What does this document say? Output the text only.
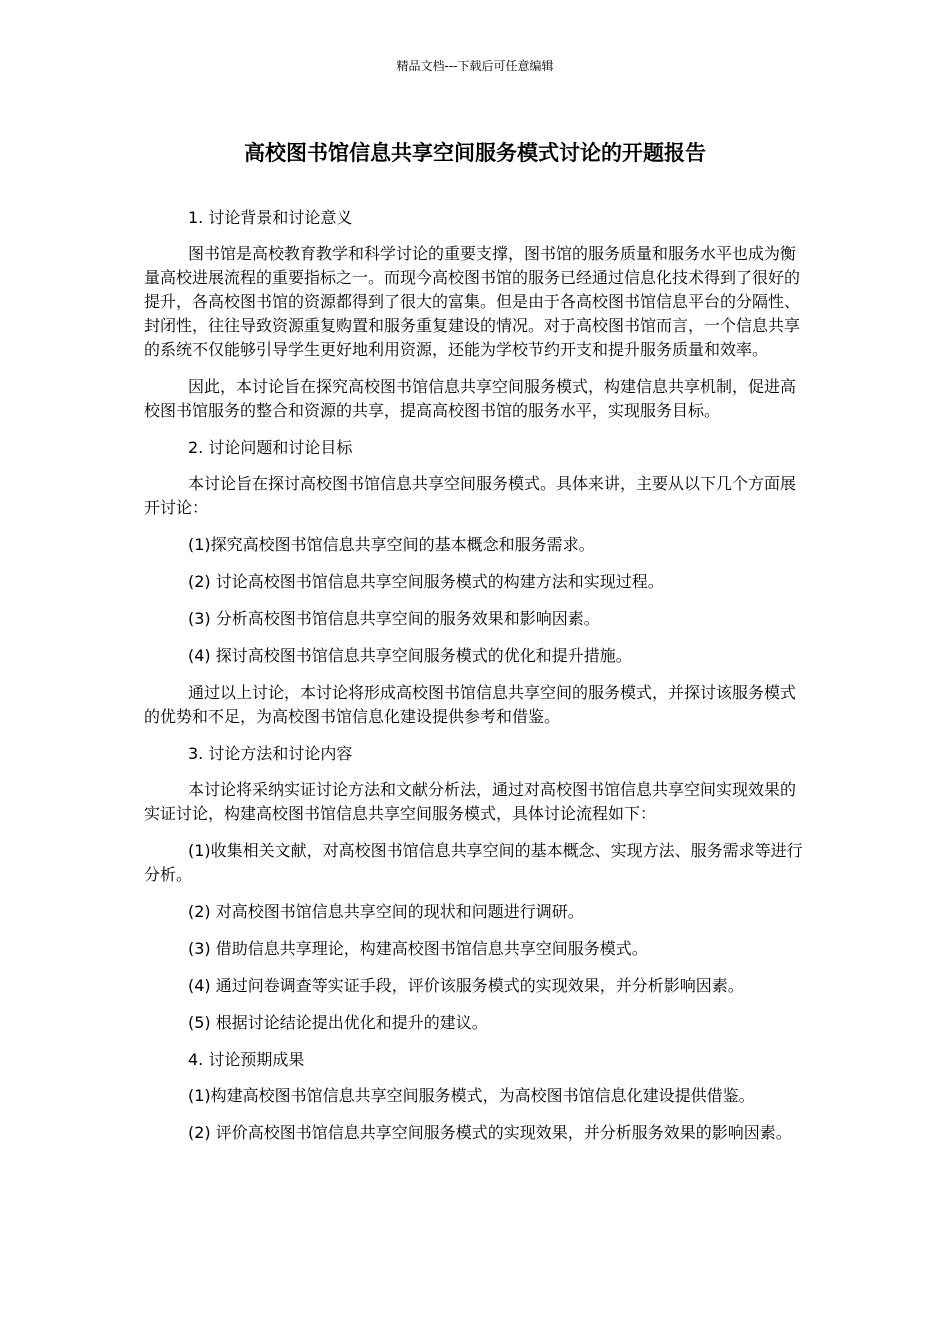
精品文档---下载后可任意编辑
高校图书馆信息共享空间服务模式讨论的开题报告

1. 讨论背景和讨论意义

图书馆是高校教育教学和科学讨论的重要支撑，图书馆的服务质量和服务水平也成为衡量高校进展流程的重要指标之一。而现今高校图书馆的服务已经通过信息化技术得到了很好的提升，各高校图书馆的资源都得到了很大的富集。但是由于各高校图书馆信息平台的分隔性、封闭性，往往导致资源重复购置和服务重复建设的情况。对于高校图书馆而言，一个信息共享的系统不仅能够引导学生更好地利用资源，还能为学校节约开支和提升服务质量和效率。

因此，本讨论旨在探究高校图书馆信息共享空间服务模式，构建信息共享机制，促进高校图书馆服务的整合和资源的共享，提高高校图书馆的服务水平，实现服务目标。

2. 讨论问题和讨论目标

本讨论旨在探讨高校图书馆信息共享空间服务模式。具体来讲，主要从以下几个方面展开讨论：

(1)探究高校图书馆信息共享空间的基本概念和服务需求。

(2) 讨论高校图书馆信息共享空间服务模式的构建方法和实现过程。

(3) 分析高校图书馆信息共享空间的服务效果和影响因素。

(4) 探讨高校图书馆信息共享空间服务模式的优化和提升措施。

通过以上讨论，本讨论将形成高校图书馆信息共享空间的服务模式，并探讨该服务模式的优势和不足，为高校图书馆信息化建设提供参考和借鉴。

3. 讨论方法和讨论内容

本讨论将采纳实证讨论方法和文献分析法，通过对高校图书馆信息共享空间实现效果的实证讨论，构建高校图书馆信息共享空间服务模式，具体讨论流程如下：

(1)收集相关文献，对高校图书馆信息共享空间的基本概念、实现方法、服务需求等进行分析。

(2) 对高校图书馆信息共享空间的现状和问题进行调研。

(3) 借助信息共享理论，构建高校图书馆信息共享空间服务模式。

(4) 通过问卷调查等实证手段，评价该服务模式的实现效果，并分析影响因素。

(5) 根据讨论结论提出优化和提升的建议。

4. 讨论预期成果

(1)构建高校图书馆信息共享空间服务模式，为高校图书馆信息化建设提供借鉴。

(2) 评价高校图书馆信息共享空间服务模式的实现效果，并分析服务效果的影响因素。
